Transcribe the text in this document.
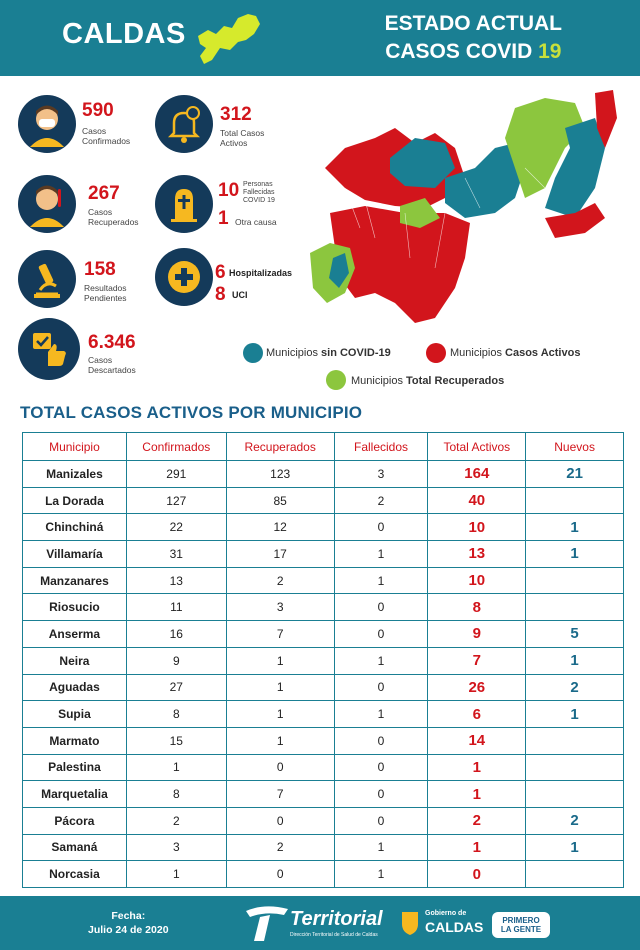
CALDAS	ESTADO ACTUAL
CASOS COVID 19
590
Casos
Confirmados
312
Total Casos
Activos
267
Casos
Recuperados
10 Personas
Fallecidas
COVID 19
1 Otra causa
158
Resultados
Pendientes
6 Hospitalizadas
8 UCI
6.346
Casos
Descartados
Municipios sin COVID-19	Municipios Casos Activos
Municipios Total Recuperados
TOTAL CASOS ACTIVOS POR MUNICIPIO
Municipio	Confirmados	Recuperados	Fallecidos	Total Activos	Nuevos
Manizales	291	123	3	164	21
La Dorada	127	85	2	40	
Chinchiná	22	12	0	10	1
Villamaría	31	17	1	13	1
Manzanares	13	2	1	10	
Riosucio	11	3	0	8	
Anserma	16	7	0	9	5
Neira	9	1	1	7	1
Aguadas	27	1	0	26	2
Supia	8	1	1	6	1
Marmato	15	1	0	14	
Palestina	1	0	0	1	
Marquetalia	8	7	0	1	
Pácora	2	0	0	2	2
Samaná	3	2	1	1	1
Norcasia	1	0	1	0	
Fecha:
Julio 24 de 2020	Territorial
Dirección Territorial de Salud de Caldas
Gobierno de
CALDAS	PRIMERO
LA GENTE
